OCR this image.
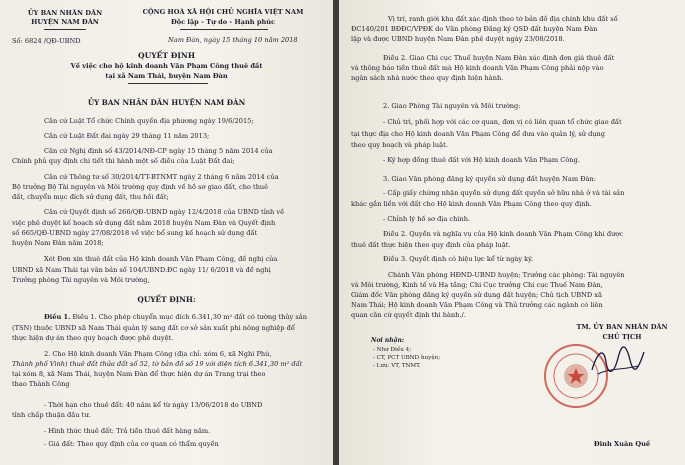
ỦY BAN NHÂN DÂN
HUYỆN NAM ĐÀN
Số: 6824 /QĐ-UBND
CỘNG HOÀ XÃ HỘI CHỦ NGHĨA VIỆT NAM
Độc lập - Tự do - Hạnh phúc
Nam Đàn, ngày 15 tháng 10 năm 2018
QUYẾT ĐỊNH
Về việc cho hộ kinh doanh Văn Phạm Công thuê đất
tại xã Nam Thái, huyện Nam Đàn
ỦY BAN NHÂN DÂN HUYỆN NAM ĐÀN
Căn cứ Luật Tổ chức Chính quyền địa phương ngày 19/6/2015;
Căn cứ Luật Đất đai ngày 29 tháng 11 năm 2013;
Căn cứ Nghị định số 43/2014/NĐ-CP ngày 15 tháng 5 năm 2014 của
Chính phủ quy định chi tiết thi hành một số điều của Luật Đất đai;
Căn cứ Thông tư số 30/2014/TT-BTNMT ngày 2 tháng 6 năm 2014 của
Bộ trưởng Bộ Tài nguyên và Môi trường quy định về hồ sơ giao đất, cho thuê
đất, chuyển mục đích sử dụng đất, thu hồi đất;
Căn cứ Quyết định số 266/QĐ-UBND ngày 12/4/2018 của UBND tỉnh về
việc phê duyệt kế hoạch sử dụng đất năm 2018 huyện Nam Đàn và Quyết định
số 665/QĐ-UBND ngày 27/08/2018 về việc bổ sung kế hoạch sử dụng đất
huyện Nam Đàn năm 2018;
Xét Đơn xin thuê đất của Hộ kinh doanh Văn Phạm Công, đề nghị của
UBND xã Nam Thái tại văn bản số 104/UBND.ĐC ngày 11/ 6/2018 và đề nghị
Trưởng phòng Tài nguyên và Môi trường,
QUYẾT ĐỊNH:
Điều 1. Điều 1. Cho phép chuyển mục đích 6.341,30 m² đất có tường thủy sản
(TSN) thuộc UBND xã Nam Thái quản lý sang đất cơ sở sản xuất phi nông nghiệp để
thực hiện dự án theo quy hoạch được phê duyệt.
2. Cho Hộ kinh doanh Văn Phạm Công (địa chỉ: xóm 6, xã Nghi Phú,
Thành phố Vinh) thuê đất thửa đất số 52, tờ bản đồ số 19 với diện tích 6.341,30 m² đất
tại xóm 8, xã Nam Thái, huyện Nam Đàn để thực hiện dự án Trang trại theo
thao Thành Công
- Thời hạn cho thuê đất: 40 năm kể từ ngày 13/06/2018 do UBND
tỉnh chấp thuận đầu tư.
- Hình thức thuê đất: Trả tiền thuê đất hàng năm.
- Giá đất: Theo quy định của cơ quan có thẩm quyền
Vị trí, ranh giới khu đất xác định theo tờ bản đồ địa chính khu đất số
ĐC140/201 BĐĐC/VPĐK do Văn phòng Đăng ký QSD đất huyện Nam Đàn
lập và được UBND huyện Nam Đàn phê duyệt ngày 23/08/2018.
Điều 2. Giao Chi cục Thuế huyện Nam Đàn xác định đơn giá thuê đất
và thông báo tiền thuê đất mà Hộ kinh doanh Văn Phạm Công phải nộp vào
ngân sách nhà nước theo quy định hiện hành.
2. Giao Phòng Tài nguyên và Môi trường:
- Chủ trì, phối hợp với các cơ quan, đơn vị có liên quan tổ chức giao đất
tại thực địa cho Hộ kinh doanh Văn Phạm Công để đưa vào quản lý, sử dụng
theo quy hoạch và pháp luật.
- Ký hợp đồng thuê đất với Hộ kinh doanh Văn Phạm Công.
3. Giao Văn phòng đăng ký quyền sử dụng đất huyện Nam Đàn:
- Cấp giấy chứng nhận quyền sử dụng đất quyền sở hữu nhà ở và tài sản
khác gắn liền với đất cho Hộ kinh doanh Văn Phạm Công theo quy định.
- Chỉnh lý hồ sơ địa chính.
Điều 2. Quyền và nghĩa vụ của Hộ kinh doanh Văn Phạm Công khi được
thuê đất thực hiện theo quy định của pháp luật.
Điều 3. Quyết định có hiệu lực kể từ ngày ký.
Chánh Văn phòng HĐND-UBND huyện; Trưởng các phòng: Tài nguyên
và Môi trường, Kinh tế và Hạ tầng; Chi Cục trưởng Chi cục Thuế Nam Đàn,
Giám đốc Văn phòng đăng ký quyền sử dụng đất huyện; Chủ tịch UBND xã
Nam Thái; Hộ kinh doanh Văn Phạm Công và Thủ trưởng các ngành có liên
quan căn cứ quyết định thi hành./.
Nơi nhận:
- Như Điều 4;
- CT, PCT UBND huyện;
- Lưu: VT, TNMT.
TM. ỦY BAN NHÂN DÂN
CHỦ TỊCH
Đinh Xuân Quế
